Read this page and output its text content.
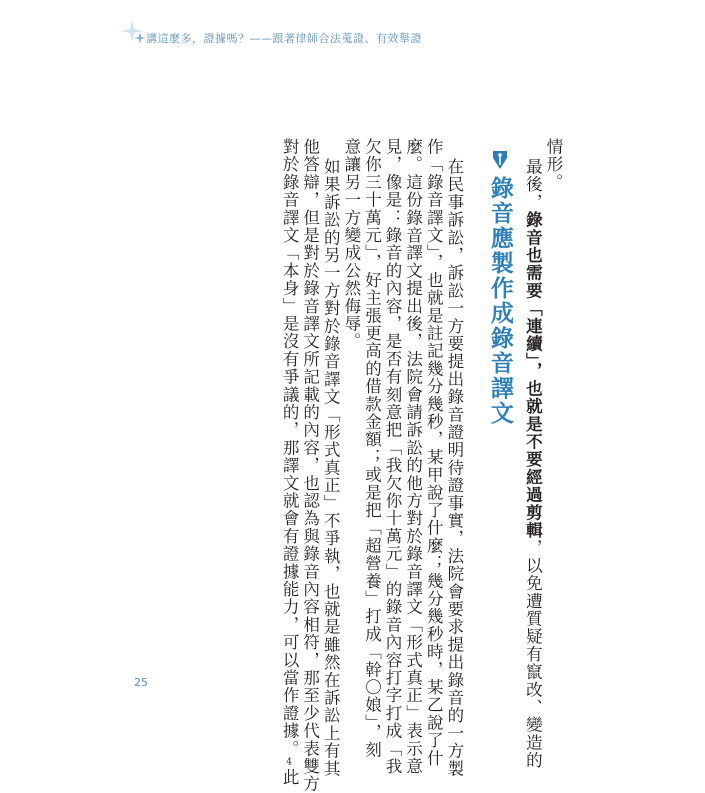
講這麼多，證據嗎？——跟著律師合法蒐證、有效舉證
情形。
最後，錄音也需要「連續」，也就是不要經過剪輯，以免遭質疑有竄改、變造的
錄音應製作成錄音譯文
在民事訴訟，訴訟一方要提出錄音證明待證事實，法院會要求提出錄音的一方製
作「錄音譯文」，也就是註記幾分幾秒，某甲說了什麼；幾分幾秒時，某乙說了什
麼。這份錄音譯文提出後，法院會請訴訟的他方對於錄音譯文「形式真正」表示意
見，像是：錄音的內容，是否有刻意把「我欠你十萬元」的錄音內容打字打成「我
欠你三十萬元」，好主張更高的借款金額；或是把「超營養」打成「幹〇娘」，刻
意讓另一方變成公然侮辱。
如果訴訟的另一方對於錄音譯文「形式真正」不爭執，也就是雖然在訴訟上有其
他答辯，但是對於錄音譯文所記載的內容，也認為與錄音內容相符，那至少代表雙方
對於錄音譯文「本身」是沒有爭議的，那譯文就會有證據能力，可以當作證據。4此
25
